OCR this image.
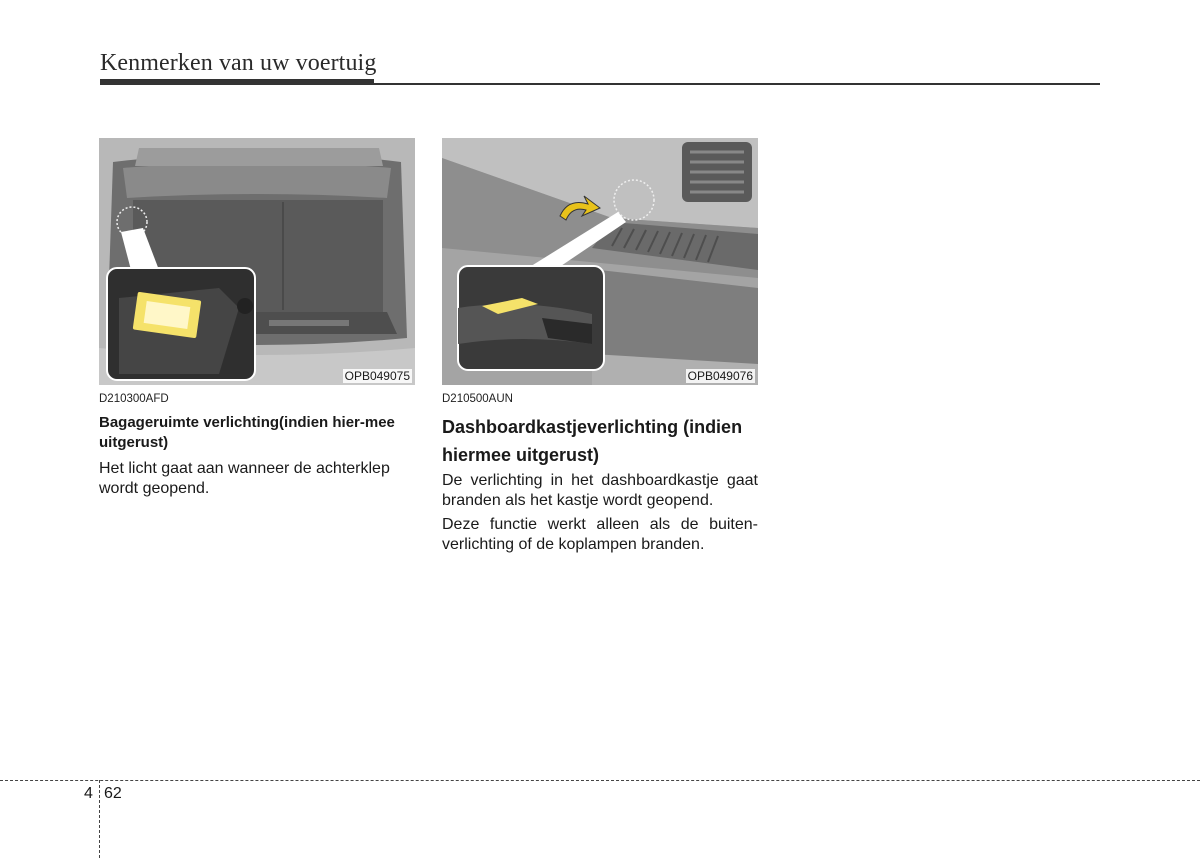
Kenmerken van uw voertuig
OPB049075	OPB049076

D210300AFD

Bagageruimte verlichting(indien hier-mee uitgerust)

Het licht gaat aan wanneer de achterklep wordt geopend.

D210500AUN

Dashboardkastjeverlichting (indien hiermee uitgerust)

De verlichting in het dashboardkastje gaat branden als het kastje wordt geopend.

Deze functie werkt alleen als de buiten-verlichting of de koplampen branden.

4 62
